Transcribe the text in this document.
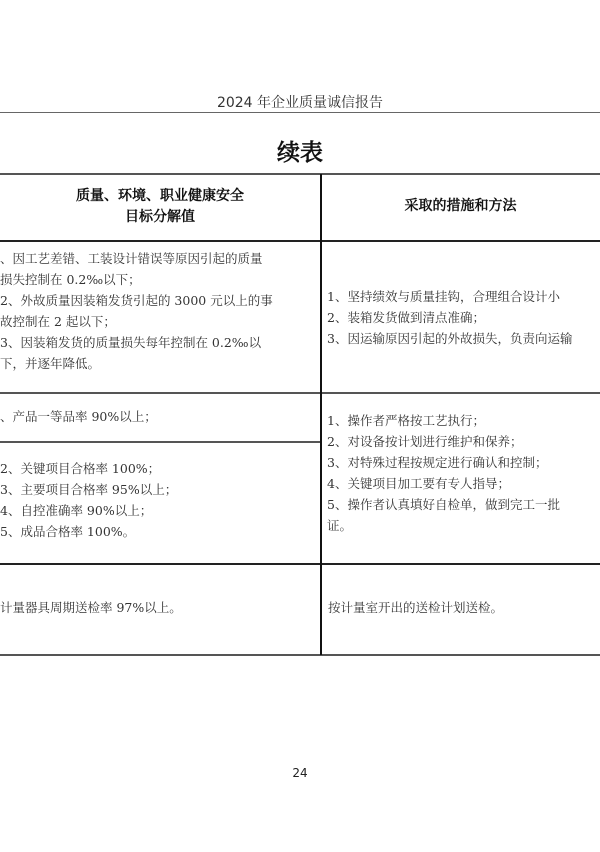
2024 年企业质量诚信报告
续表
质量、环境、职业健康安全
目标分解值
采取的措施和方法
、因工艺差错、工装设计错误等原因引起的质量
损失控制在 0.2‰以下；
2、外故质量因装箱发货引起的 3000 元以上的事
故控制在 2 起以下；
3、因装箱发货的质量损失每年控制在 0.2‰以
下，并逐年降低。
1、坚持绩效与质量挂钩，合理组合设计小
2、装箱发货做到清点准确；
3、因运输原因引起的外故损失，负责向运输
、产品一等品率 90%以上；
2、关键项目合格率 100%；
3、主要项目合格率 95%以上；
4、自控准确率 90%以上；
5、成品合格率 100%。
1、操作者严格按工艺执行；
2、对设备按计划进行维护和保养；
3、对特殊过程按规定进行确认和控制；
4、关键项目加工要有专人指导；
5、操作者认真填好自检单，做到完工一批
证。
计量器具周期送检率 97%以上。	按计量室开出的送检计划送检。
24
